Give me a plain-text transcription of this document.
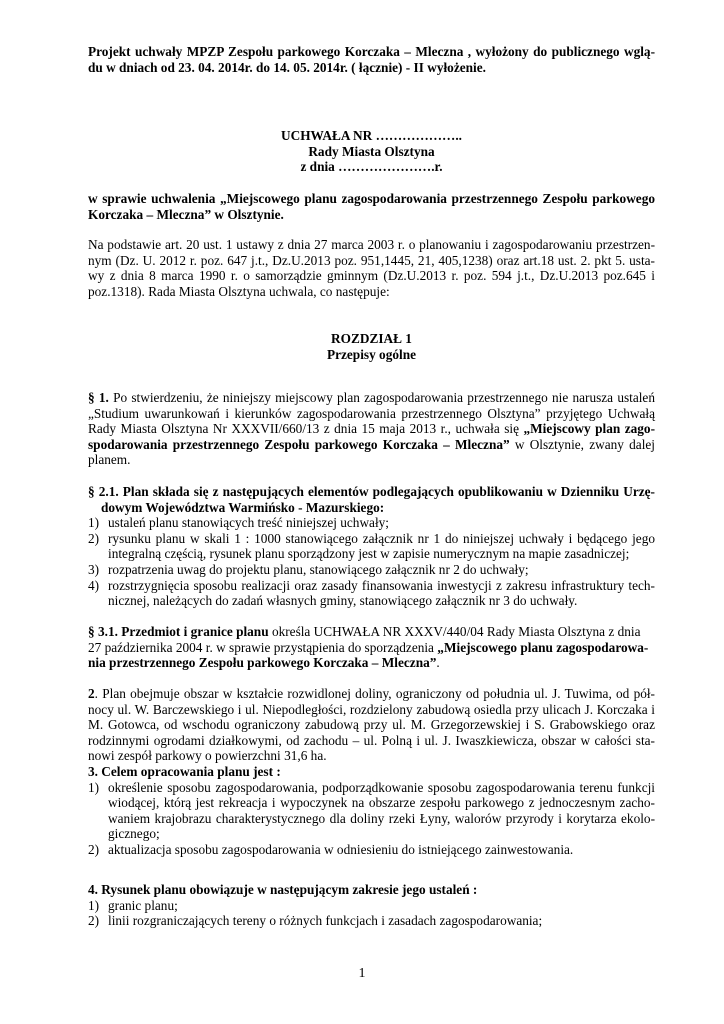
Projekt uchwały MPZP Zespołu parkowego Korczaka – Mleczna , wyłożony do publicznego wglą-
du w dniach od 23. 04. 2014r. do 14. 05. 2014r. ( łącznie) - II wyłożenie.
UCHWAŁA NR ………………..
Rady Miasta Olsztyna
z dnia ………………….r.
w sprawie uchwalenia „Miejscowego planu zagospodarowania przestrzennego Zespołu parkowego
Korczaka – Mleczna” w Olsztynie.
Na podstawie art. 20 ust. 1 ustawy z dnia 27 marca 2003 r. o planowaniu i zagospodarowaniu przestrzen-
nym (Dz. U. 2012 r. poz. 647 j.t., Dz.U.2013 poz. 951,1445, 21, 405,1238) oraz art.18 ust. 2. pkt 5. usta-
wy z dnia 8 marca 1990 r. o samorządzie gminnym (Dz.U.2013 r. poz. 594 j.t., Dz.U.2013 poz.645 i
poz.1318). Rada Miasta Olsztyna uchwala, co następuje:
ROZDZIAŁ 1
Przepisy ogólne
§ 1. Po stwierdzeniu, że niniejszy miejscowy plan zagospodarowania przestrzennego nie narusza ustaleń
„Studium uwarunkowań i kierunków zagospodarowania przestrzennego Olsztyna” przyjętego Uchwałą
Rady Miasta Olsztyna Nr XXXVII/660/13 z dnia 15 maja 2013 r., uchwała się „Miejscowy plan zago-
spodarowania przestrzennego Zespołu parkowego Korczaka – Mleczna” w Olsztynie, zwany dalej
planem.
§ 2.1. Plan składa się z następujących elementów podlegających opublikowaniu w Dzienniku Urzę-
dowym Województwa Warmińsko - Mazurskiego:
1) ustaleń planu stanowiących treść niniejszej uchwały;
2) rysunku planu w skali 1 : 1000 stanowiącego załącznik nr 1 do niniejszej uchwały i będącego jego
integralną częścią, rysunek planu sporządzony jest w zapisie numerycznym na mapie zasadniczej;
3) rozpatrzenia uwag do projektu planu, stanowiącego załącznik nr 2 do uchwały;
4) rozstrzygnięcia sposobu realizacji oraz zasady finansowania inwestycji z zakresu infrastruktury tech-
nicznej, należących do zadań własnych gminy, stanowiącego załącznik nr 3 do uchwały.
§ 3.1. Przedmiot i granice planu określa UCHWAŁA NR XXXV/440/04 Rady Miasta Olsztyna z dnia
27 października 2004 r. w sprawie przystąpienia do sporządzenia „Miejscowego planu zagospodarowa-
nia przestrzennego Zespołu parkowego Korczaka – Mleczna”.
2. Plan obejmuje obszar w kształcie rozwidlonej doliny, ograniczony od południa ul. J. Tuwima, od pół-
nocy ul. W. Barczewskiego i ul. Niepodległości, rozdzielony zabudową osiedla przy ulicach J. Korczaka i
M. Gotowca, od wschodu ograniczony zabudową przy ul. M. Grzegorzewskiej i S. Grabowskiego oraz
rodzinnymi ogrodami działkowymi, od zachodu – ul. Polną i ul. J. Iwaszkiewicza, obszar w całości sta-
nowi zespół parkowy o powierzchni 31,6 ha.
3. Celem opracowania planu jest :
1) określenie sposobu zagospodarowania, podporządkowanie sposobu zagospodarowania terenu funkcji
wiodącej, którą jest rekreacja i wypoczynek na obszarze zespołu parkowego z jednoczesnym zacho-
waniem krajobrazu charakterystycznego dla doliny rzeki Łyny, walorów przyrody i korytarza ekolo-
gicznego;
2) aktualizacja sposobu zagospodarowania w odniesieniu do istniejącego zainwestowania.
4. Rysunek planu obowiązuje w następującym zakresie jego ustaleń :
1) granic planu;
2) linii rozgraniczających tereny o różnych funkcjach i zasadach zagospodarowania;
1
